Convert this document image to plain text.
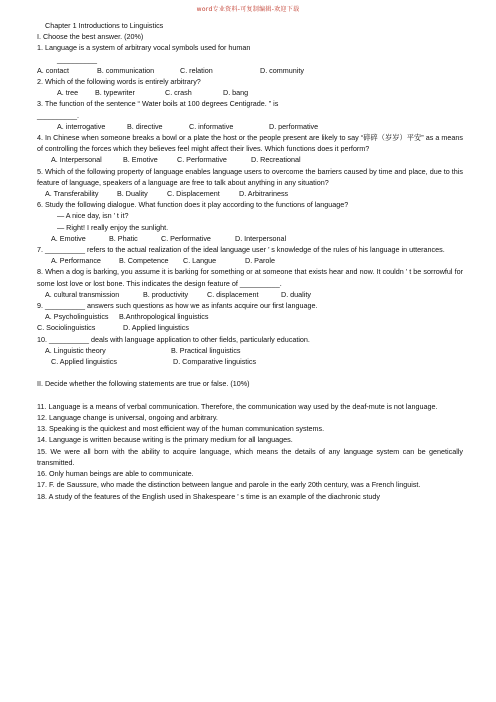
word专业资料-可复制编辑-欢迎下载
Chapter 1 Introductions to Linguistics
I. Choose the best answer. (20%)
1. Language is a system of arbitrary vocal symbols used for human
__________
A. contact	B. communication	C. relation	D. community
2. Which of the following words is entirely arbitrary?
A. tree B. typewriter	C. crash	D. bang
3. The function of the sentence “ Water boils at 100 degrees Centigrade. ” is
__________.
A. interrogative	B. directive	C. informative	D. performative
4. In Chinese when someone breaks a bowl or a plate the host or the people present are likely to say “碎碎（岁岁）平安” as a means of controlling the forces which they believes feel might affect their lives. Which functions does it perform?
A. Interpersonal	B. Emotive	C. Performative	D. Recreational
5. Which of the following property of language enables language users to overcome the barriers caused by time and place, due to this feature of language, speakers of a language are free to talk about anything in any situation?
A. Transferability	B. Duality	C. Displacement	D. Arbitrariness
6. Study the following dialogue. What function does it play according to the functions of language?
— A nice day, isn ’ t it?
— Right! I really enjoy the sunlight.
A. Emotive	B. Phatic	C. Performative	D. Interpersonal
7. __________ refers to the actual realization of the ideal language user ’ s knowledge of the rules of his language in utterances.
A. Performance	B. Competence C. Langue	D. Parole
8. When a dog is barking, you assume it is barking for something or at someone that exists hear and now. It couldn ’ t be sorrowful for some lost love or lost bone. This indicates the design feature of __________.
A. cultural transmission	B. productivity	C. displacement	D. duality
9. __________ answers such questions as how we as infants acquire our first language.
A. Psycholinguistics B.Anthropological linguistics
C. Sociolinguistics	D. Applied linguistics
10. __________ deals with language application to other fields, particularly education.
A. Linguistic theory	B. Practical linguistics
C. Applied linguistics	D. Comparative linguistics
II. Decide whether the following statements are true or false. (10%)
11. Language is a means of verbal communication. Therefore, the communication way used by the deaf-mute is not language.
12. Language change is universal, ongoing and arbitrary.
13. Speaking is the quickest and most efficient way of the human communication systems.
14. Language is written because writing is the primary medium for all languages.
15. We were all born with the ability to acquire language, which means the details of any language system can be genetically transmitted.
16. Only human beings are able to communicate.
17. F. de Saussure, who made the distinction between langue and parole in the early 20th century, was a French linguist.
18. A study of the features of the English used in Shakespeare ’ s time is an example of the diachronic study
